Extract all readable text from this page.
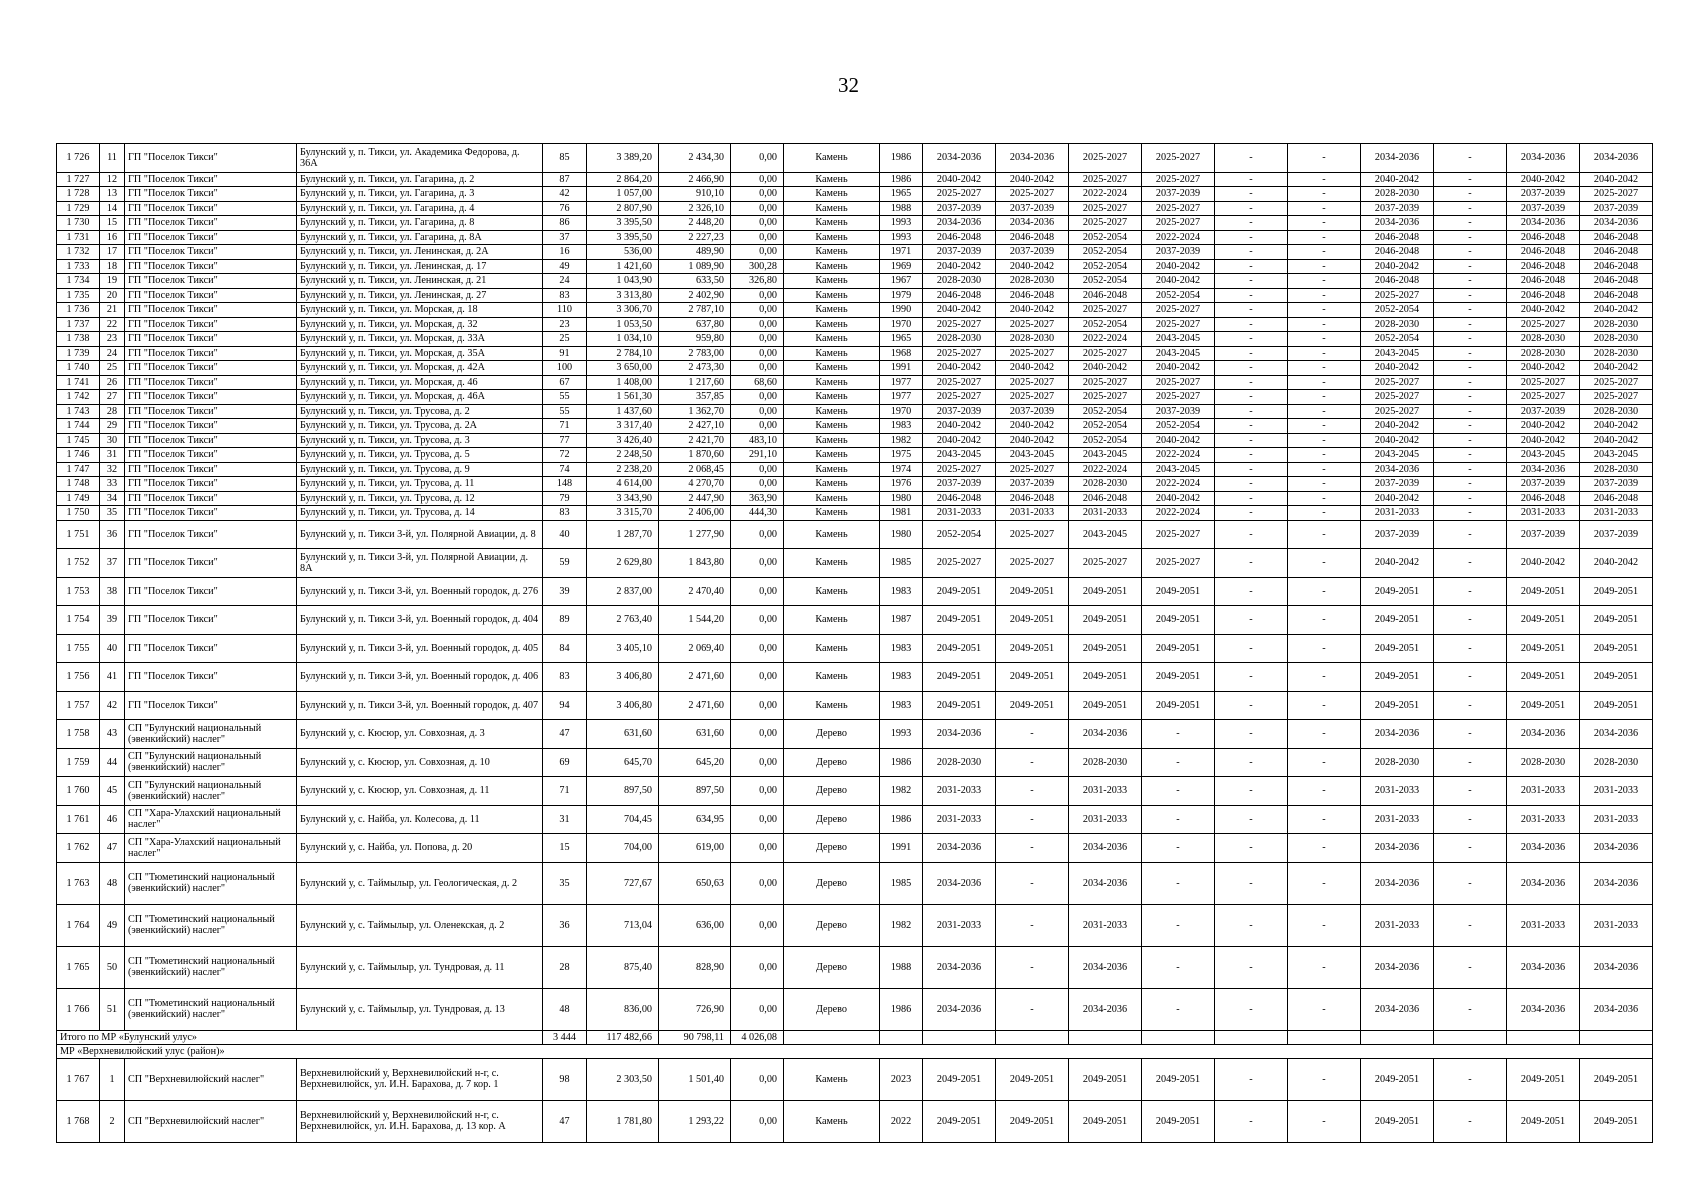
32
1 726	11	ГП "Поселок Тикси"	Булунский у, п. Тикси, ул. Академика Федорова, д. 36А	85	3 389,20	2 434,30	0,00	Камень	1986	2034-2036	2034-2036	2025-2027	2025-2027	-	-	2034-2036	-	2034-2036	2034-2036
1 727	12	ГП "Поселок Тикси"	Булунский у, п. Тикси, ул. Гагарина, д. 2	87	2 864,20	2 466,90	0,00	Камень	1986	2040-2042	2040-2042	2025-2027	2025-2027	-	-	2040-2042	-	2040-2042	2040-2042
1 728	13	ГП "Поселок Тикси"	Булунский у, п. Тикси, ул. Гагарина, д. 3	42	1 057,00	910,10	0,00	Камень	1965	2025-2027	2025-2027	2022-2024	2037-2039	-	-	2028-2030	-	2037-2039	2025-2027
1 729	14	ГП "Поселок Тикси"	Булунский у, п. Тикси, ул. Гагарина, д. 4	76	2 807,90	2 326,10	0,00	Камень	1988	2037-2039	2037-2039	2025-2027	2025-2027	-	-	2037-2039	-	2037-2039	2037-2039
1 730	15	ГП "Поселок Тикси"	Булунский у, п. Тикси, ул. Гагарина, д. 8	86	3 395,50	2 448,20	0,00	Камень	1993	2034-2036	2034-2036	2025-2027	2025-2027	-	-	2034-2036	-	2034-2036	2034-2036
1 731	16	ГП "Поселок Тикси"	Булунский у, п. Тикси, ул. Гагарина, д. 8А	37	3 395,50	2 227,23	0,00	Камень	1993	2046-2048	2046-2048	2052-2054	2022-2024	-	-	2046-2048	-	2046-2048	2046-2048
1 732	17	ГП "Поселок Тикси"	Булунский у, п. Тикси, ул. Ленинская, д. 2А	16	536,00	489,90	0,00	Камень	1971	2037-2039	2037-2039	2052-2054	2037-2039	-	-	2046-2048	-	2046-2048	2046-2048
1 733	18	ГП "Поселок Тикси"	Булунский у, п. Тикси, ул. Ленинская, д. 17	49	1 421,60	1 089,90	300,28	Камень	1969	2040-2042	2040-2042	2052-2054	2040-2042	-	-	2040-2042	-	2046-2048	2046-2048
1 734	19	ГП "Поселок Тикси"	Булунский у, п. Тикси, ул. Ленинская, д. 21	24	1 043,90	633,50	326,80	Камень	1967	2028-2030	2028-2030	2052-2054	2040-2042	-	-	2046-2048	-	2046-2048	2046-2048
1 735	20	ГП "Поселок Тикси"	Булунский у, п. Тикси, ул. Ленинская, д. 27	83	3 313,80	2 402,90	0,00	Камень	1979	2046-2048	2046-2048	2046-2048	2052-2054	-	-	2025-2027	-	2046-2048	2046-2048
1 736	21	ГП "Поселок Тикси"	Булунский у, п. Тикси, ул. Морская, д. 18	110	3 306,70	2 787,10	0,00	Камень	1990	2040-2042	2040-2042	2025-2027	2025-2027	-	-	2052-2054	-	2040-2042	2040-2042
1 737	22	ГП "Поселок Тикси"	Булунский у, п. Тикси, ул. Морская, д. 32	23	1 053,50	637,80	0,00	Камень	1970	2025-2027	2025-2027	2052-2054	2025-2027	-	-	2028-2030	-	2025-2027	2028-2030
1 738	23	ГП "Поселок Тикси"	Булунский у, п. Тикси, ул. Морская, д. 33А	25	1 034,10	959,80	0,00	Камень	1965	2028-2030	2028-2030	2022-2024	2043-2045	-	-	2052-2054	-	2028-2030	2028-2030
1 739	24	ГП "Поселок Тикси"	Булунский у, п. Тикси, ул. Морская, д. 35А	91	2 784,10	2 783,00	0,00	Камень	1968	2025-2027	2025-2027	2025-2027	2043-2045	-	-	2043-2045	-	2028-2030	2028-2030
1 740	25	ГП "Поселок Тикси"	Булунский у, п. Тикси, ул. Морская, д. 42А	100	3 650,00	2 473,30	0,00	Камень	1991	2040-2042	2040-2042	2040-2042	2040-2042	-	-	2040-2042	-	2040-2042	2040-2042
1 741	26	ГП "Поселок Тикси"	Булунский у, п. Тикси, ул. Морская, д. 46	67	1 408,00	1 217,60	68,60	Камень	1977	2025-2027	2025-2027	2025-2027	2025-2027	-	-	2025-2027	-	2025-2027	2025-2027
1 742	27	ГП "Поселок Тикси"	Булунский у, п. Тикси, ул. Морская, д. 46А	55	1 561,30	357,85	0,00	Камень	1977	2025-2027	2025-2027	2025-2027	2025-2027	-	-	2025-2027	-	2025-2027	2025-2027
1 743	28	ГП "Поселок Тикси"	Булунский у, п. Тикси, ул. Трусова, д. 2	55	1 437,60	1 362,70	0,00	Камень	1970	2037-2039	2037-2039	2052-2054	2037-2039	-	-	2025-2027	-	2037-2039	2028-2030
1 744	29	ГП "Поселок Тикси"	Булунский у, п. Тикси, ул. Трусова, д. 2А	71	3 317,40	2 427,10	0,00	Камень	1983	2040-2042	2040-2042	2052-2054	2052-2054	-	-	2040-2042	-	2040-2042	2040-2042
1 745	30	ГП "Поселок Тикси"	Булунский у, п. Тикси, ул. Трусова, д. 3	77	3 426,40	2 421,70	483,10	Камень	1982	2040-2042	2040-2042	2052-2054	2040-2042	-	-	2040-2042	-	2040-2042	2040-2042
1 746	31	ГП "Поселок Тикси"	Булунский у, п. Тикси, ул. Трусова, д. 5	72	2 248,50	1 870,60	291,10	Камень	1975	2043-2045	2043-2045	2043-2045	2022-2024	-	-	2043-2045	-	2043-2045	2043-2045
1 747	32	ГП "Поселок Тикси"	Булунский у, п. Тикси, ул. Трусова, д. 9	74	2 238,20	2 068,45	0,00	Камень	1974	2025-2027	2025-2027	2022-2024	2043-2045	-	-	2034-2036	-	2034-2036	2028-2030
1 748	33	ГП "Поселок Тикси"	Булунский у, п. Тикси, ул. Трусова, д. 11	148	4 614,00	4 270,70	0,00	Камень	1976	2037-2039	2037-2039	2028-2030	2022-2024	-	-	2037-2039	-	2037-2039	2037-2039
1 749	34	ГП "Поселок Тикси"	Булунский у, п. Тикси, ул. Трусова, д. 12	79	3 343,90	2 447,90	363,90	Камень	1980	2046-2048	2046-2048	2046-2048	2040-2042	-	-	2040-2042	-	2046-2048	2046-2048
1 750	35	ГП "Поселок Тикси"	Булунский у, п. Тикси, ул. Трусова, д. 14	83	3 315,70	2 406,00	444,30	Камень	1981	2031-2033	2031-2033	2031-2033	2022-2024	-	-	2031-2033	-	2031-2033	2031-2033
1 751	36	ГП "Поселок Тикси"	Булунский у, п. Тикси 3-й, ул. Полярной Авиации, д. 8	40	1 287,70	1 277,90	0,00	Камень	1980	2052-2054	2025-2027	2043-2045	2025-2027	-	-	2037-2039	-	2037-2039	2037-2039
1 752	37	ГП "Поселок Тикси"	Булунский у, п. Тикси 3-й, ул. Полярной Авиации, д. 8А	59	2 629,80	1 843,80	0,00	Камень	1985	2025-2027	2025-2027	2025-2027	2025-2027	-	-	2040-2042	-	2040-2042	2040-2042
1 753	38	ГП "Поселок Тикси"	Булунский у, п. Тикси 3-й, ул. Военный городок, д. 276	39	2 837,00	2 470,40	0,00	Камень	1983	2049-2051	2049-2051	2049-2051	2049-2051	-	-	2049-2051	-	2049-2051	2049-2051
1 754	39	ГП "Поселок Тикси"	Булунский у, п. Тикси 3-й, ул. Военный городок, д. 404	89	2 763,40	1 544,20	0,00	Камень	1987	2049-2051	2049-2051	2049-2051	2049-2051	-	-	2049-2051	-	2049-2051	2049-2051
1 755	40	ГП "Поселок Тикси"	Булунский у, п. Тикси 3-й, ул. Военный городок, д. 405	84	3 405,10	2 069,40	0,00	Камень	1983	2049-2051	2049-2051	2049-2051	2049-2051	-	-	2049-2051	-	2049-2051	2049-2051
1 756	41	ГП "Поселок Тикси"	Булунский у, п. Тикси 3-й, ул. Военный городок, д. 406	83	3 406,80	2 471,60	0,00	Камень	1983	2049-2051	2049-2051	2049-2051	2049-2051	-	-	2049-2051	-	2049-2051	2049-2051
1 757	42	ГП "Поселок Тикси"	Булунский у, п. Тикси 3-й, ул. Военный городок, д. 407	94	3 406,80	2 471,60	0,00	Камень	1983	2049-2051	2049-2051	2049-2051	2049-2051	-	-	2049-2051	-	2049-2051	2049-2051
1 758	43	СП "Булунский национальный (эвенкийский) наслег"	Булунский у, с. Кюсюр, ул. Совхозная, д. 3	47	631,60	631,60	0,00	Дерево	1993	2034-2036	-	2034-2036	-	-	-	2034-2036	-	2034-2036	2034-2036
1 759	44	СП "Булунский национальный (эвенкийский) наслег"	Булунский у, с. Кюсюр, ул. Совхозная, д. 10	69	645,70	645,20	0,00	Дерево	1986	2028-2030	-	2028-2030	-	-	-	2028-2030	-	2028-2030	2028-2030
1 760	45	СП "Булунский национальный (эвенкийский) наслег"	Булунский у, с. Кюсюр, ул. Совхозная, д. 11	71	897,50	897,50	0,00	Дерево	1982	2031-2033	-	2031-2033	-	-	-	2031-2033	-	2031-2033	2031-2033
1 761	46	СП "Хара-Улахский национальный наслег"	Булунский у, с. Найба, ул. Колесова, д. 11	31	704,45	634,95	0,00	Дерево	1986	2031-2033	-	2031-2033	-	-	-	2031-2033	-	2031-2033	2031-2033
1 762	47	СП "Хара-Улахский национальный наслег"	Булунский у, с. Найба, ул. Попова, д. 20	15	704,00	619,00	0,00	Дерево	1991	2034-2036	-	2034-2036	-	-	-	2034-2036	-	2034-2036	2034-2036
1 763	48	СП "Тюметинский национальный (эвенкийский) наслег"	Булунский у, с. Таймылыр, ул. Геологическая, д. 2	35	727,67	650,63	0,00	Дерево	1985	2034-2036	-	2034-2036	-	-	-	2034-2036	-	2034-2036	2034-2036
1 764	49	СП "Тюметинский национальный (эвенкийский) наслег"	Булунский у, с. Таймылыр, ул. Оленекская, д. 2	36	713,04	636,00	0,00	Дерево	1982	2031-2033	-	2031-2033	-	-	-	2031-2033	-	2031-2033	2031-2033
1 765	50	СП "Тюметинский национальный (эвенкийский) наслег"	Булунский у, с. Таймылыр, ул. Тундровая, д. 11	28	875,40	828,90	0,00	Дерево	1988	2034-2036	-	2034-2036	-	-	-	2034-2036	-	2034-2036	2034-2036
1 766	51	СП "Тюметинский национальный (эвенкийский) наслег"	Булунский у, с. Таймылыр, ул. Тундровая, д. 13	48	836,00	726,90	0,00	Дерево	1986	2034-2036	-	2034-2036	-	-	-	2034-2036	-	2034-2036	2034-2036
Итого по МР «Булунский улус»				3 444	117 482,66	90 798,11	4 026,08												
МР «Верхневилюйский улус (район)»																			
1 767	1	СП "Верхневилюйский наслег"	Верхневилюйский у, Верхневилюйский н-г, с. Верхневилюйск, ул. И.Н. Барахова, д. 7 кор. 1	98	2 303,50	1 501,40	0,00	Камень	2023	2049-2051	2049-2051	2049-2051	2049-2051	-	-	2049-2051	-	2049-2051	2049-2051
1 768	2	СП "Верхневилюйский наслег"	Верхневилюйский у, Верхневилюйский н-г, с. Верхневилюйск, ул. И.Н. Барахова, д. 13 кор. А	47	1 781,80	1 293,22	0,00	Камень	2022	2049-2051	2049-2051	2049-2051	2049-2051	-	-	2049-2051	-	2049-2051	2049-2051
